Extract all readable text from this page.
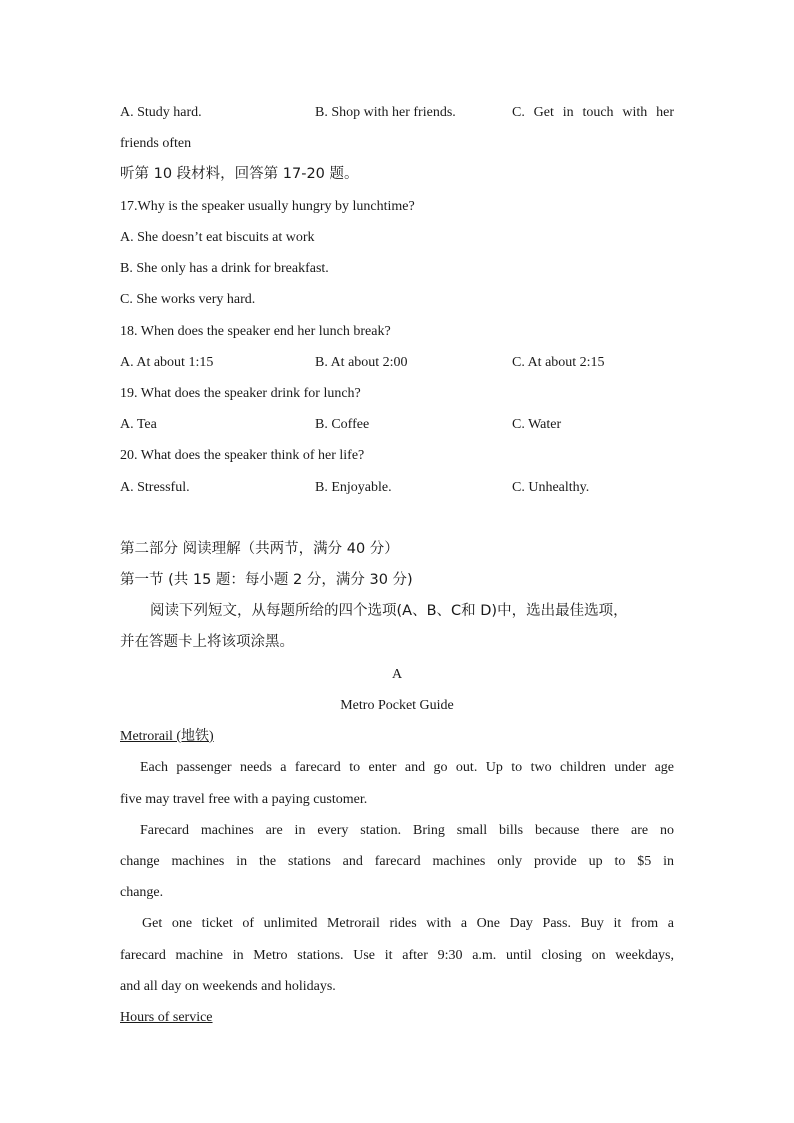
A. Study hard.	B. Shop with her friends.	C. Get in touch with her
friends often
听第 10 段材料，回答第 17-20 题。
17.Why is the speaker usually hungry by lunchtime?
A. She doesn’t eat biscuits at work
B. She only has a drink for breakfast.
C. She works very hard.
18. When does the speaker end her lunch break?
A. At about 1:15	B. At about 2:00	C. At about 2:15
19. What does the speaker drink for lunch?
A. Tea	B. Coffee	C. Water
20. What does the speaker think of her life?
A. Stressful.	B. Enjoyable.	C. Unhealthy.
第二部分 阅读理解（共两节，满分 40 分）
第一节 (共 15 题：每小题 2 分，满分 30 分)
阅读下列短文，从每题所给的四个选项(A、B、C和 D)中，选出最佳选项，
并在答题卡上将该项涂黑。
A
Metro Pocket Guide
Metrorail (地铁)
Each passenger needs a farecard to enter and go out. Up to two children under age
five may travel free with a paying customer.
Farecard machines are in every station. Bring small bills because there are no
change machines in the stations and farecard machines only provide up to $5 in
change.
Get one ticket of unlimited Metrorail rides with a One Day Pass. Buy it from a
farecard machine in Metro stations. Use it after 9:30 a.m. until closing on weekdays,
and all day on weekends and holidays.
Hours of service
